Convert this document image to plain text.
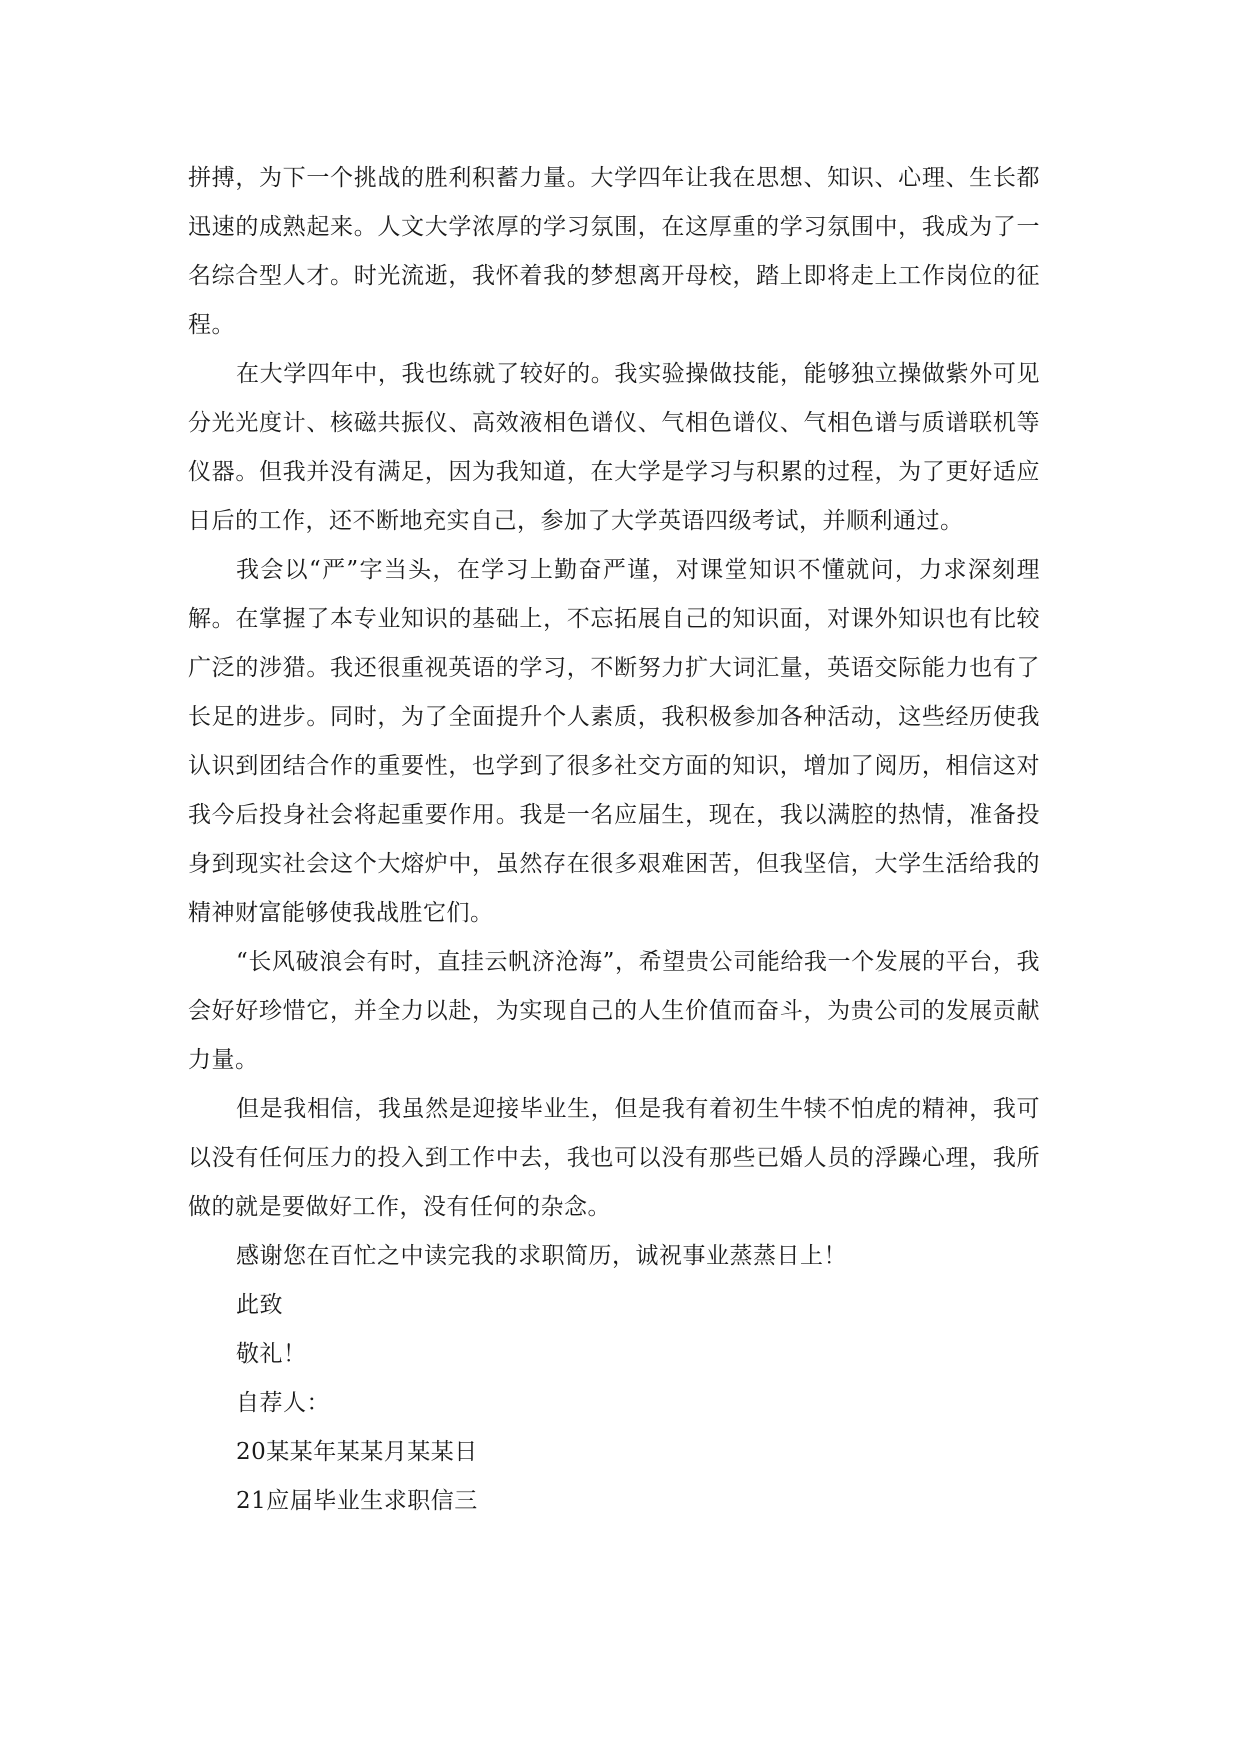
拼搏，为下一个挑战的胜利积蓄力量。大学四年让我在思想、知识、心理、生长都迅速的成熟起来。人文大学浓厚的学习氛围，在这厚重的学习氛围中，我成为了一名综合型人才。时光流逝，我怀着我的梦想离开母校，踏上即将走上工作岗位的征程。

在大学四年中，我也练就了较好的。我实验操做技能，能够独立操做紫外可见分光光度计、核磁共振仪、高效液相色谱仪、气相色谱仪、气相色谱与质谱联机等仪器。但我并没有满足，因为我知道，在大学是学习与积累的过程，为了更好适应日后的工作，还不断地充实自己，参加了大学英语四级考试，并顺利通过。

我会以“严”字当头，在学习上勤奋严谨，对课堂知识不懂就问，力求深刻理解。在掌握了本专业知识的基础上，不忘拓展自己的知识面，对课外知识也有比较广泛的涉猎。我还很重视英语的学习，不断努力扩大词汇量，英语交际能力也有了长足的进步。同时，为了全面提升个人素质，我积极参加各种活动，这些经历使我认识到团结合作的重要性，也学到了很多社交方面的知识，增加了阅历，相信这对我今后投身社会将起重要作用。我是一名应届生，现在，我以满腔的热情，准备投身到现实社会这个大熔炉中，虽然存在很多艰难困苦，但我坚信，大学生活给我的精神财富能够使我战胜它们。

“长风破浪会有时，直挂云帆济沧海”，希望贵公司能给我一个发展的平台，我会好好珍惜它，并全力以赴，为实现自己的人生价值而奋斗，为贵公司的发展贡献力量。

但是我相信，我虽然是迎接毕业生，但是我有着初生牛犊不怕虎的精神，我可以没有任何压力的投入到工作中去，我也可以没有那些已婚人员的浮躁心理，我所做的就是要做好工作，没有任何的杂念。

感谢您在百忙之中读完我的求职简历，诚祝事业蒸蒸日上！

此致

敬礼！

自荐人：

20某某年某某月某某日

21应届毕业生求职信三
